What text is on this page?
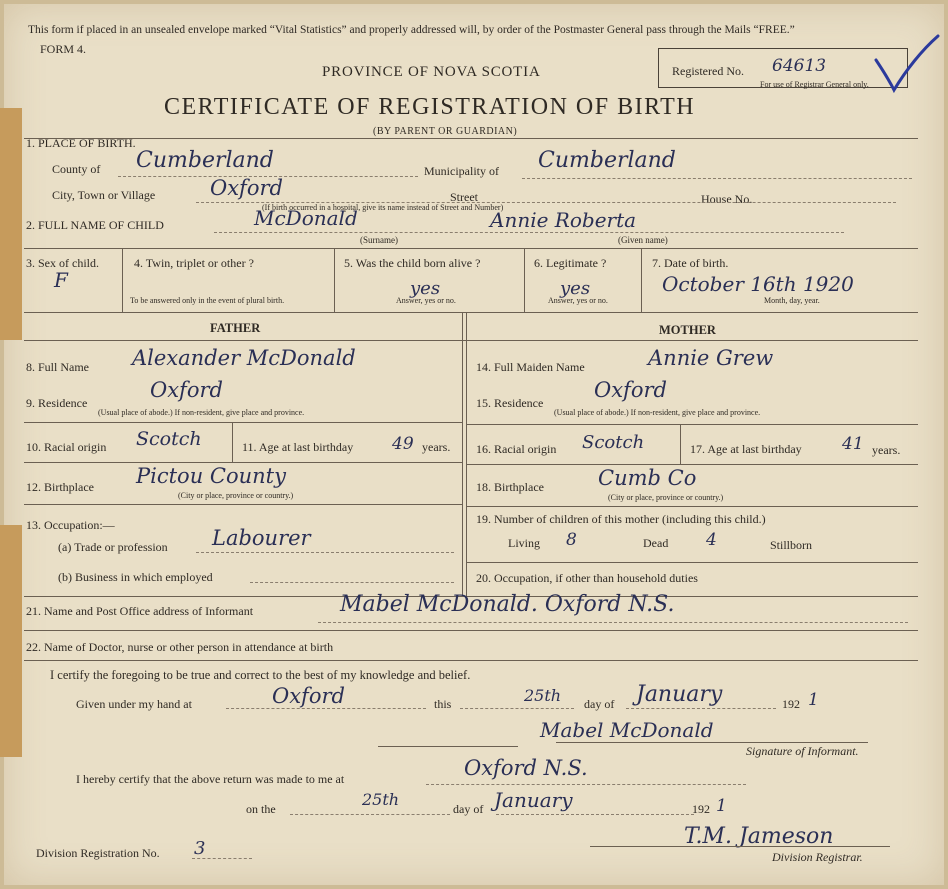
This form if placed in an unsealed envelope marked “Vital Statistics” and properly addressed will, by order of the Postmaster General pass through the Mails “FREE.”
FORM 4.
PROVINCE OF NOVA SCOTIA
CERTIFICATE OF REGISTRATION OF BIRTH
(BY PARENT OR GUARDIAN)
Registered No. 64613
For use of Registrar General only.
1. PLACE OF BIRTH.
County of Cumberland	Municipality of Cumberland
City, Town or Village	Oxford	Street
(If birth occurred in a hospital, give its name instead of Street and Number)
House No.
2. FULL NAME OF CHILD	McDonald	Annie Roberta
(Surname)	(Given name)
3. Sex of child.
F
4. Twin, triplet or other ?
To be answered only in the event of plural birth.
5. Was the child born alive ?
yes
Answer, yes or no.
6. Legitimate ?
yes
Answer, yes or no.
7. Date of birth.
October 16th 1920
Month, day, year.
FATHER	MOTHER
8. Full Name Alexander McDonald
9. Residence
Oxford
(Usual place of abode.) If non-resident, give place and province.
10. Racial origin Scotch	11. Age at last birthday 49 years.
12. Birthplace Pictou County
(City or place, province or country.)
13. Occupation:—
(a) Trade or profession Labourer
(b) Business in which employed
14. Full Maiden Name	Annie Grew
15. Residence
Oxford
(Usual place of abode.) If non-resident, give place and province.
16. Racial origin Scotch	17. Age at last birthday 41 years.
18. Birthplace	Cumb Co
(City or place, province or country.)
19. Number of children of this mother (including this child.)
Living 8	Dead 4	Stillborn
20. Occupation, if other than household duties
21. Name and Post Office address of Informant	Mabel McDonald. Oxford N.S.
22. Name of Doctor, nurse or other person in attendance at birth
I certify the foregoing to be true and correct to the best of my knowledge and belief.
Given under my hand at	Oxford	this	25th day of January	192 1
Mabel McDonald
Signature of Informant.
I hereby certify that the above return was made to me at	Oxford N.S.
on the	25th	day of January	192 1
Division Registration No. 3	T.M. Jameson
Division Registrar.
